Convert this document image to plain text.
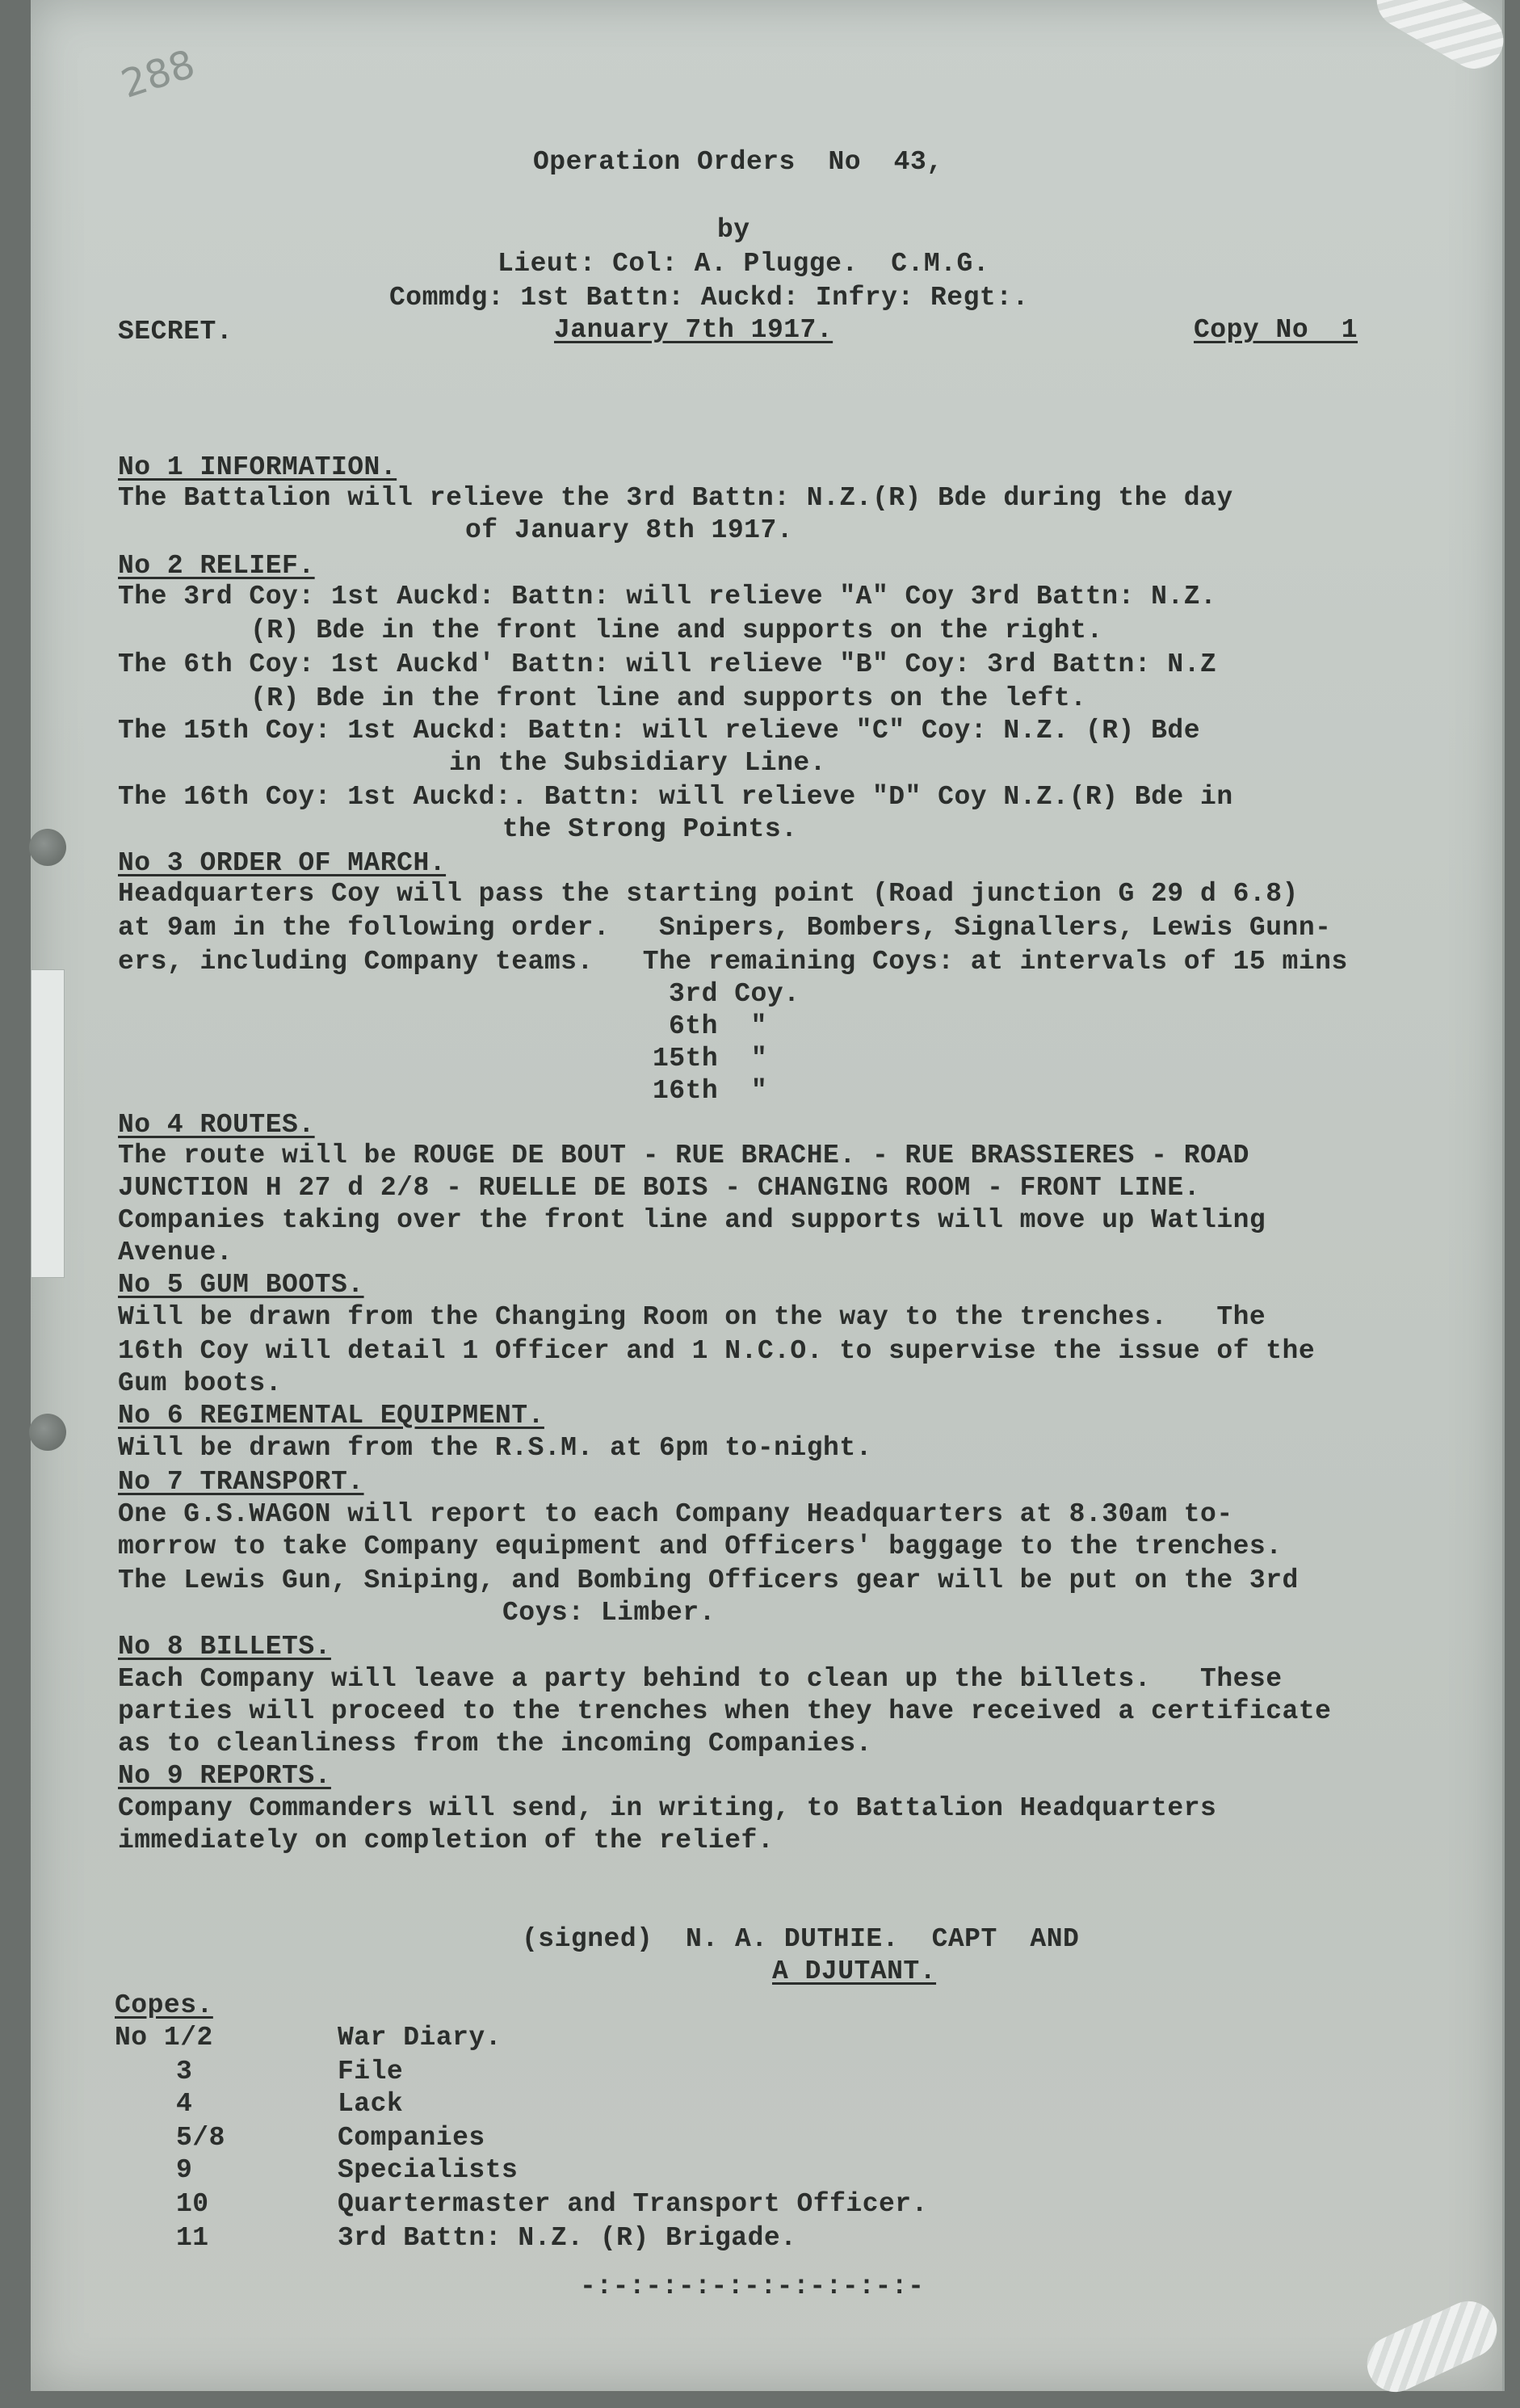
288
Operation Orders  No  43,
by
Lieut: Col: A. Plugge.  C.M.G.
Commdg: 1st Battn: Auckd: Infry: Regt:.
SECRET.	January 7th 1917.	Copy No  1
No 1 INFORMATION.
The Battalion will relieve the 3rd Battn: N.Z.(R) Bde during the day
of January 8th 1917.
No 2 RELIEF.
The 3rd Coy: 1st Auckd: Battn: will relieve "A" Coy 3rd Battn: N.Z.
(R) Bde in the front line and supports on the right.
The 6th Coy: 1st Auckd' Battn: will relieve "B" Coy: 3rd Battn: N.Z
(R) Bde in the front line and supports on the left.
The 15th Coy: 1st Auckd: Battn: will relieve "C" Coy: N.Z. (R) Bde
in the Subsidiary Line.
The 16th Coy: 1st Auckd:. Battn: will relieve "D" Coy N.Z.(R) Bde in
the Strong Points.
No 3 ORDER OF MARCH.
Headquarters Coy will pass the starting point (Road junction G 29 d 6.8)
at 9am in the following order.   Snipers, Bombers, Signallers, Lewis Gunn-
ers, including Company teams.   The remaining Coys: at intervals of 15 mins
3rd Coy.
6th  "
15th  "
16th  "
No 4 ROUTES.
The route will be ROUGE DE BOUT - RUE BRACHE. - RUE BRASSIERES - ROAD
JUNCTION H 27 d 2/8 - RUELLE DE BOIS - CHANGING ROOM - FRONT LINE.
Companies taking over the front line and supports will move up Watling
Avenue.
No 5 GUM BOOTS.
Will be drawn from the Changing Room on the way to the trenches.   The
16th Coy will detail 1 Officer and 1 N.C.O. to supervise the issue of the
Gum boots.
No 6 REGIMENTAL EQUIPMENT.
Will be drawn from the R.S.M. at 6pm to-night.
No 7 TRANSPORT.
One G.S.WAGON will report to each Company Headquarters at 8.30am to-
morrow to take Company equipment and Officers' baggage to the trenches.
The Lewis Gun, Sniping, and Bombing Officers gear will be put on the 3rd
Coys: Limber.
No 8 BILLETS.
Each Company will leave a party behind to clean up the billets.   These
parties will proceed to the trenches when they have received a certificate
as to cleanliness from the incoming Companies.
No 9 REPORTS.
Company Commanders will send, in writing, to Battalion Headquarters
immediately on completion of the relief.
(signed)  N. A. DUTHIE.  CAPT  AND
A DJUTANT.
Copes.
No 1/2	War Diary.
3	File
4	Lack
5/8	Companies
9	Specialists
10	Quartermaster and Transport Officer.
11	3rd Battn: N.Z. (R) Brigade.
-:-:-:-:-:-:-:-:-:-:-
